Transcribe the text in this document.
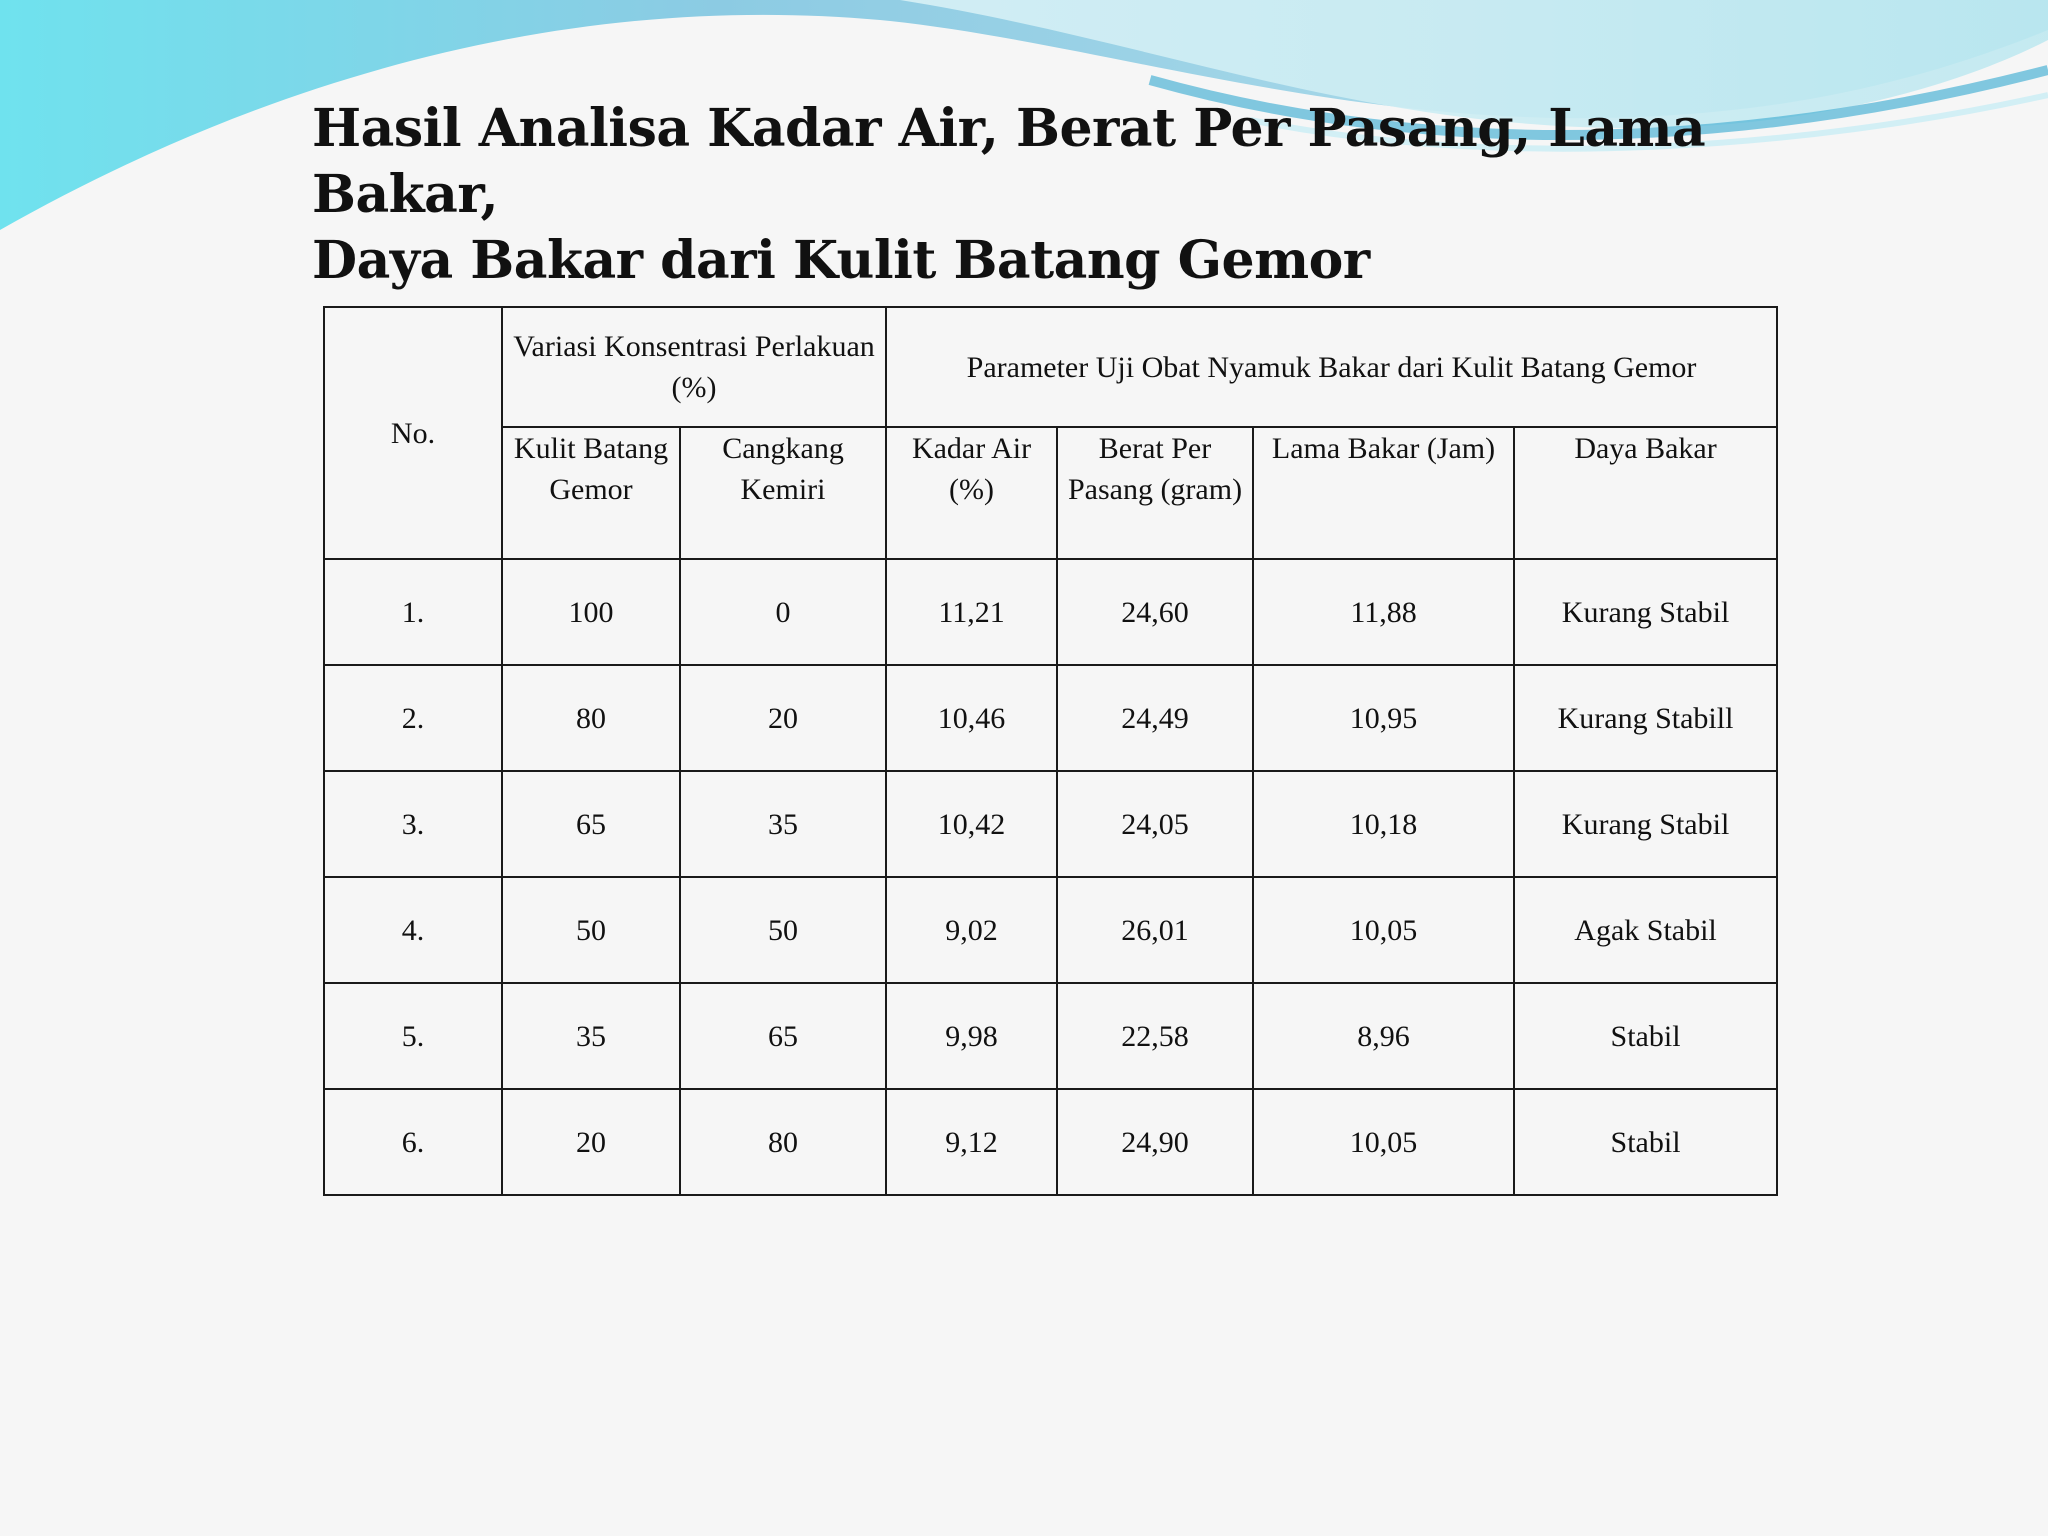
Hasil Analisa Kadar Air, Berat Per Pasang, Lama Bakar,
Daya Bakar dari Kulit Batang Gemor
No.	Variasi Konsentrasi Perlakuan (%)		Parameter Uji Obat Nyamuk Bakar dari Kulit Batang Gemor			
	Kulit Batang Gemor	Cangkang Kemiri	Kadar Air (%)	Berat Per Pasang (gram)	Lama Bakar (Jam)	Daya Bakar
1.	100	0	11,21	24,60	11,88	Kurang Stabil
2.	80	20	10,46	24,49	10,95	Kurang Stabill
3.	65	35	10,42	24,05	10,18	Kurang Stabil
4.	50	50	9,02	26,01	10,05	Agak Stabil
5.	35	65	9,98	22,58	8,96	Stabil
6.	20	80	9,12	24,90	10,05	Stabil
